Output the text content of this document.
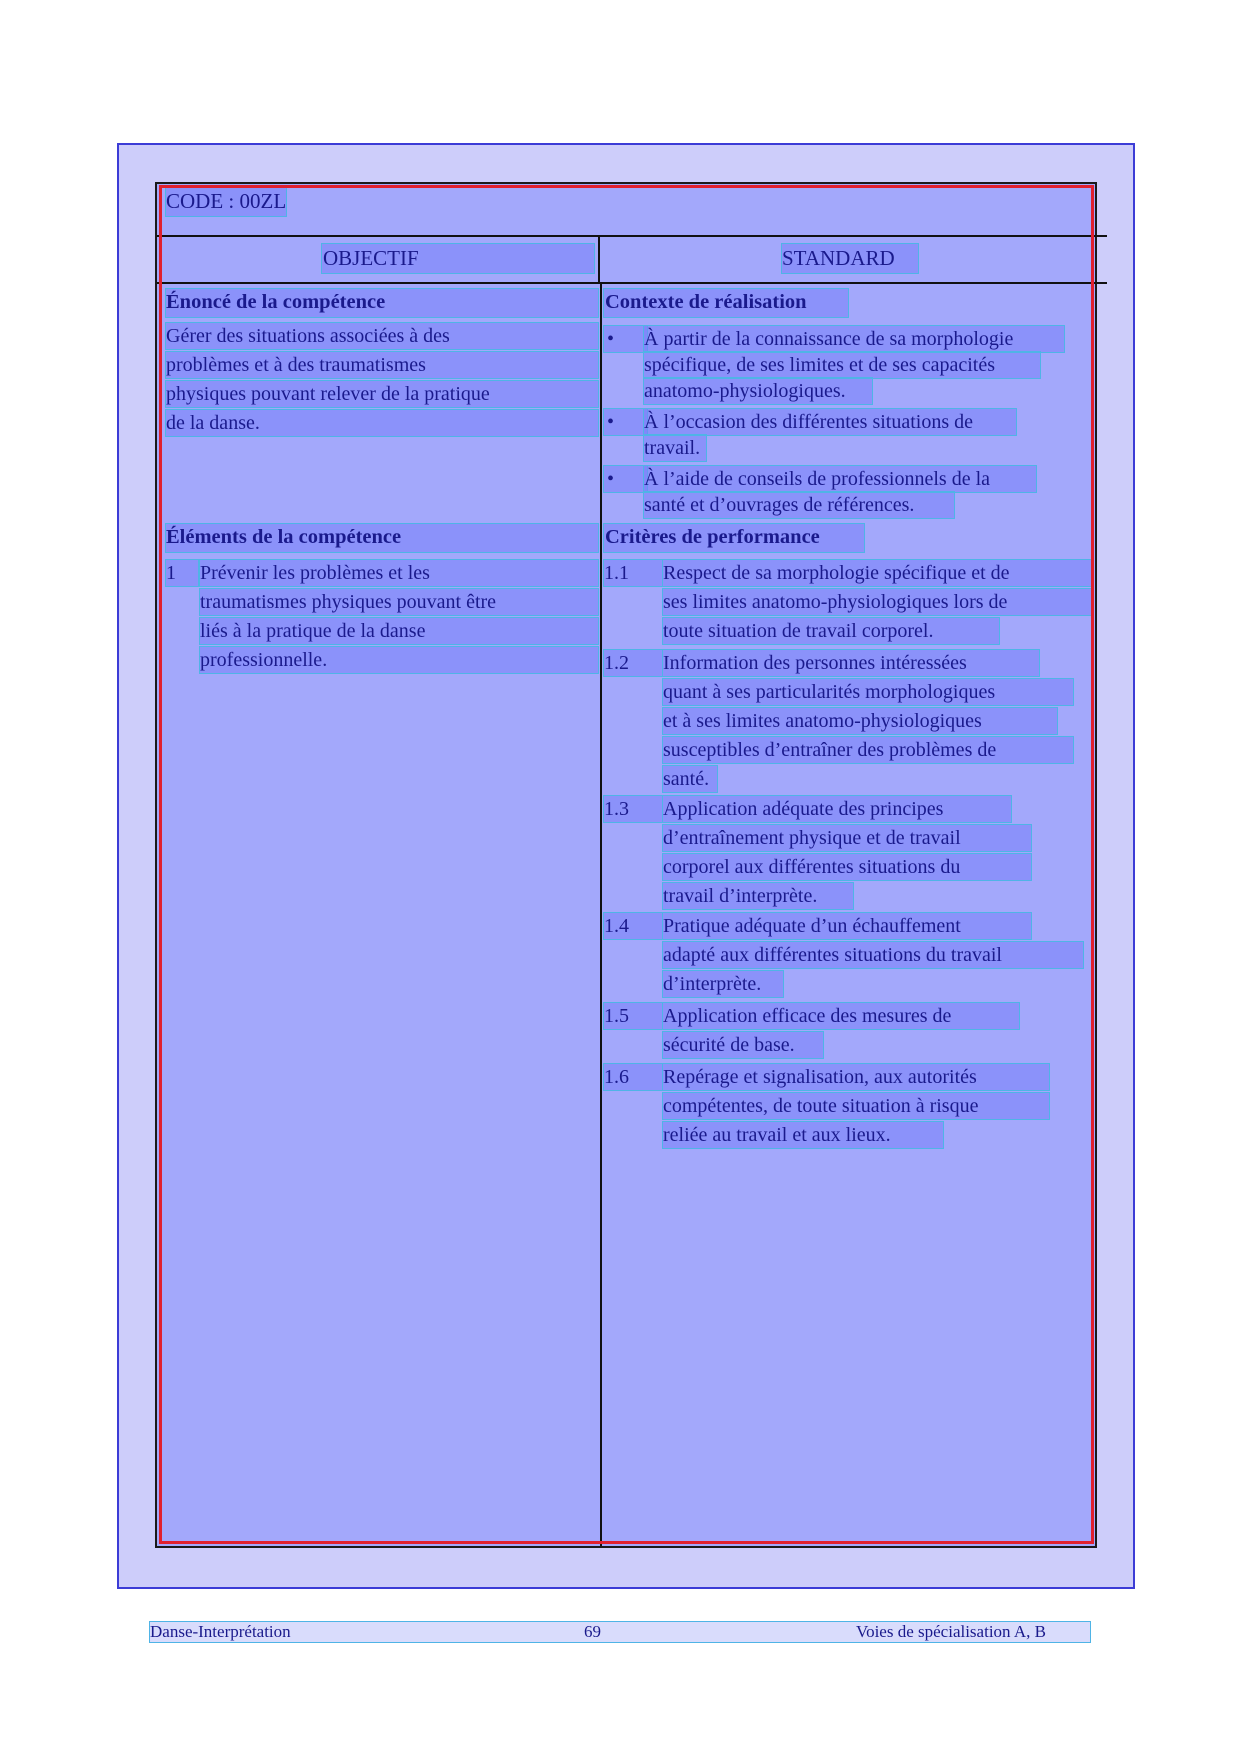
CODE : 00ZL
OBJECTIF	STANDARD
Énoncé de la compétence
Gérer des situations associées à des
problèmes et à des traumatismes
physiques pouvant relever de la pratique
de la danse.
Contexte de réalisation
•	À partir de la connaissance de sa morphologie
spécifique, de ses limites et de ses capacités
anatomo-physiologiques.
•	À l’occasion des différentes situations de
travail.
•	À l’aide de conseils de professionnels de la
santé et d’ouvrages de références.
Éléments de la compétence
1	Prévenir les problèmes et les
traumatismes physiques pouvant être
liés à la pratique de la danse
professionnelle.
Critères de performance
1.1	Respect de sa morphologie spécifique et de
ses limites anatomo-physiologiques lors de
toute situation de travail corporel.
1.2	Information des personnes intéressées
quant à ses particularités morphologiques
et à ses limites anatomo-physiologiques
susceptibles d’entraîner des problèmes de
santé.
1.3	Application adéquate des principes
d’entraînement physique et de travail
corporel aux différentes situations du
travail d’interprète.
1.4	Pratique adéquate d’un échauffement
adapté aux différentes situations du travail
d’interprète.
1.5	Application efficace des mesures de
sécurité de base.
1.6	Repérage et signalisation, aux autorités
compétentes, de toute situation à risque
reliée au travail et aux lieux.
Danse-Interprétation	69	Voies de spécialisation A, B
